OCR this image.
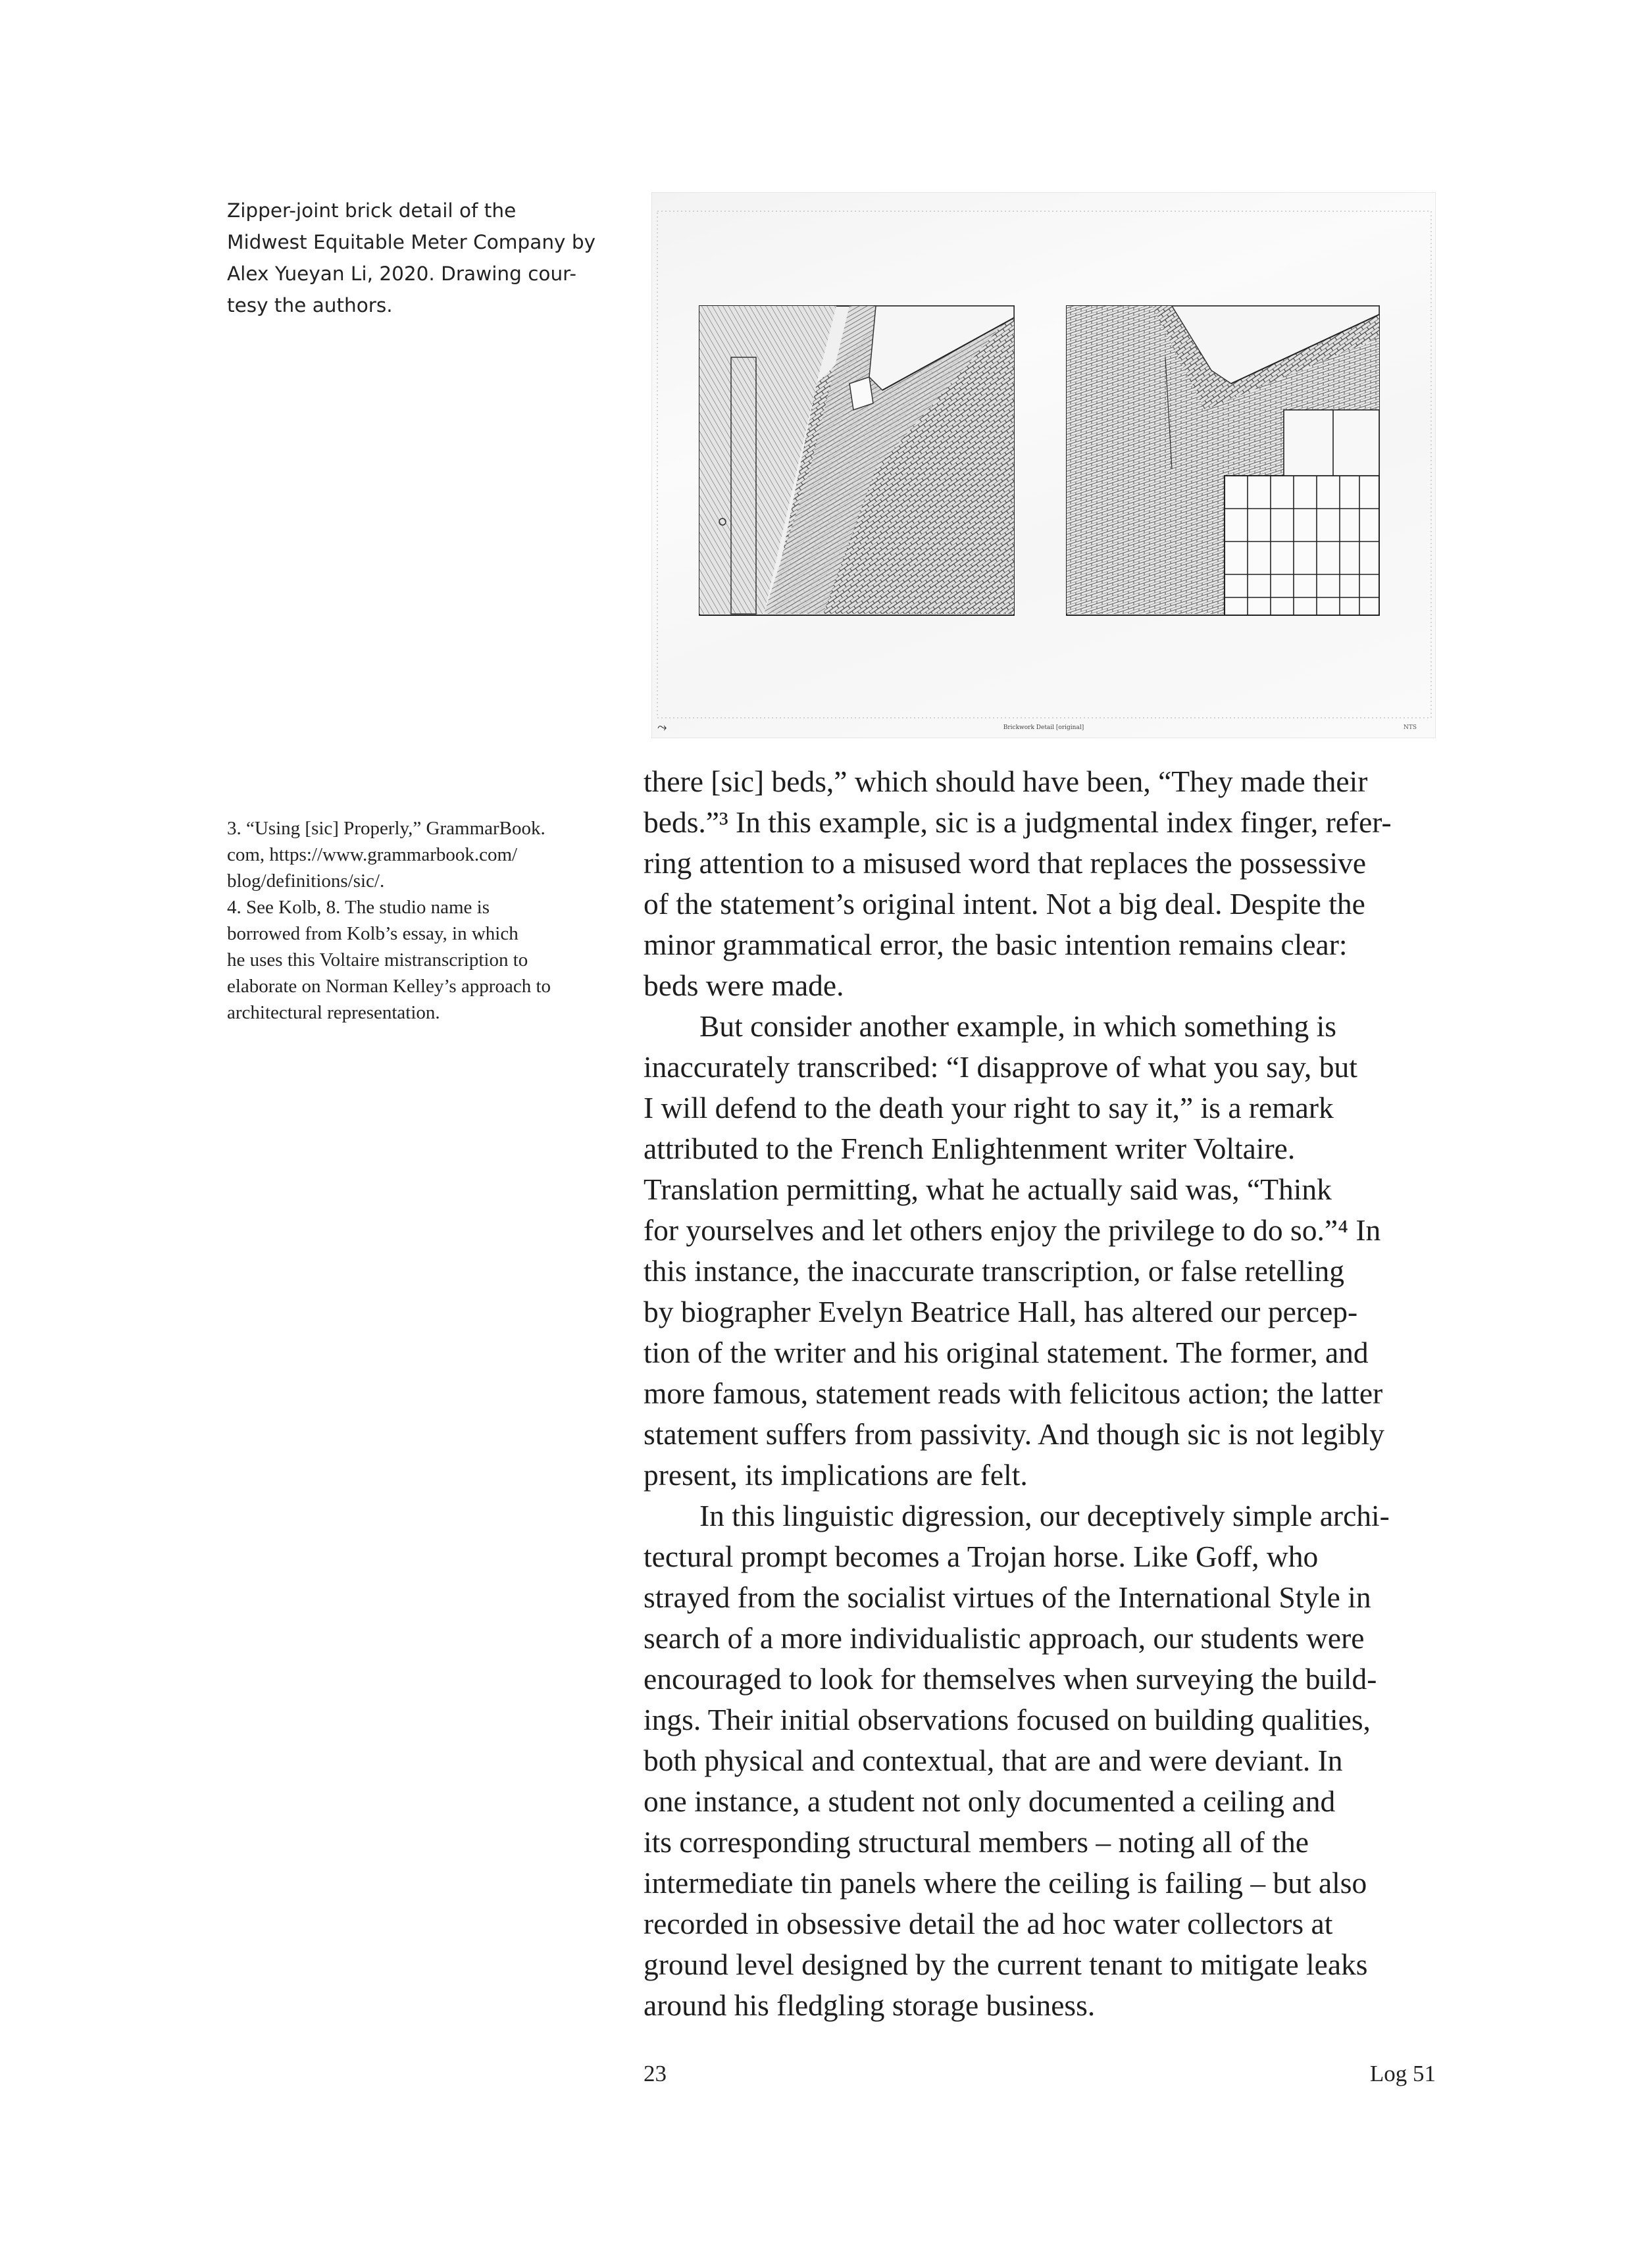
Zipper-joint brick detail of the
Midwest Equitable Meter Company by
Alex Yueyan Li, 2020. Drawing cour-
tesy the authors.
⤳	Brickwork Detail [original]	NTS
3. “Using [sic] Properly,” GrammarBook.
com, https://www.grammarbook.com/
blog/definitions/sic/.
4. See Kolb, 8. The studio name is
borrowed from Kolb’s essay, in which
he uses this Voltaire mistranscription to
elaborate on Norman Kelley’s approach to
architectural representation.
there [sic] beds,” which should have been, “They made their
beds.”³ In this example, sic is a judgmental index finger, refer-
ring attention to a misused word that replaces the possessive
of the statement’s original intent. Not a big deal. Despite the
minor grammatical error, the basic intention remains clear:
beds were made.
But consider another example, in which something is
inaccurately transcribed: “I disapprove of what you say, but
I will defend to the death your right to say it,” is a remark
attributed to the French Enlightenment writer Voltaire.
Translation permitting, what he actually said was, “Think
for yourselves and let others enjoy the privilege to do so.”⁴ In
this instance, the inaccurate transcription, or false retelling
by biographer Evelyn Beatrice Hall, has altered our percep-
tion of the writer and his original statement. The former, and
more famous, statement reads with felicitous action; the latter
statement suffers from passivity. And though sic is not legibly
present, its implications are felt.
In this linguistic digression, our deceptively simple archi-
tectural prompt becomes a Trojan horse. Like Goff, who
strayed from the socialist virtues of the International Style in
search of a more individualistic approach, our students were
encouraged to look for themselves when surveying the build-
ings. Their initial observations focused on building qualities,
both physical and contextual, that are and were deviant. In
one instance, a student not only documented a ceiling and
its corresponding structural members – noting all of the
intermediate tin panels where the ceiling is failing – but also
recorded in obsessive detail the ad hoc water collectors at
ground level designed by the current tenant to mitigate leaks
around his fledgling storage business.
23	Log 51
